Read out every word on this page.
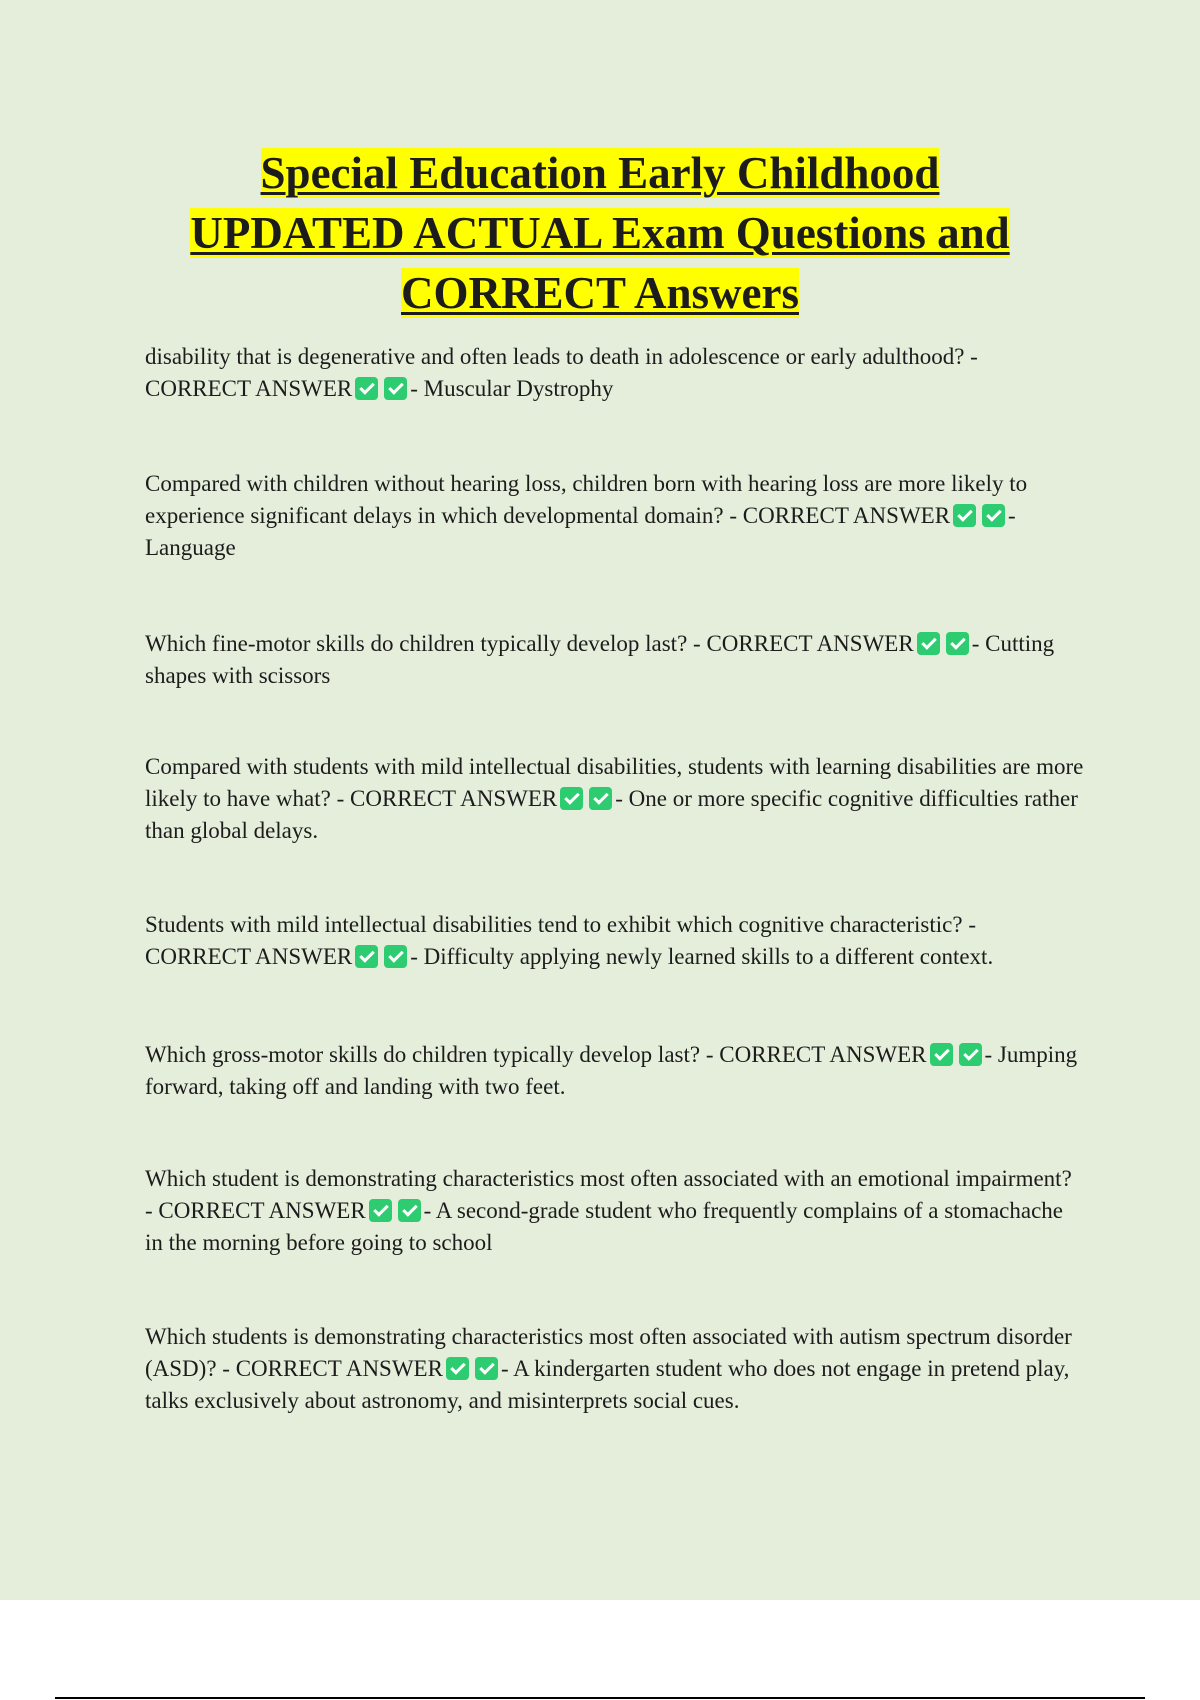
Special Education Early Childhood

UPDATED ACTUAL Exam Questions and

CORRECT Answers

disability that is degenerative and often leads to death in adolescence or early adulthood? - CORRECT ANSWER	- Muscular Dystrophy

Compared with children without hearing loss, children born with hearing loss are more likely to experience significant delays in which developmental domain? - CORRECT ANSWER	- Language

Which fine-motor skills do children typically develop last? - CORRECT ANSWER	- Cutting shapes with scissors

Compared with students with mild intellectual disabilities, students with learning disabilities are more likely to have what? - CORRECT ANSWER	- One or more specific cognitive difficulties rather than global delays.

Students with mild intellectual disabilities tend to exhibit which cognitive characteristic? - CORRECT ANSWER	- Difficulty applying newly learned skills to a different context.

Which gross-motor skills do children typically develop last? - CORRECT ANSWER	- Jumping forward, taking off and landing with two feet.

Which student is demonstrating characteristics most often associated with an emotional impairment? - CORRECT ANSWER	- A second-grade student who frequently complains of a stomachache in the morning before going to school

Which students is demonstrating characteristics most often associated with autism spectrum disorder (ASD)? - CORRECT ANSWER	- A kindergarten student who does not engage in pretend play, talks exclusively about astronomy, and misinterprets social cues.
